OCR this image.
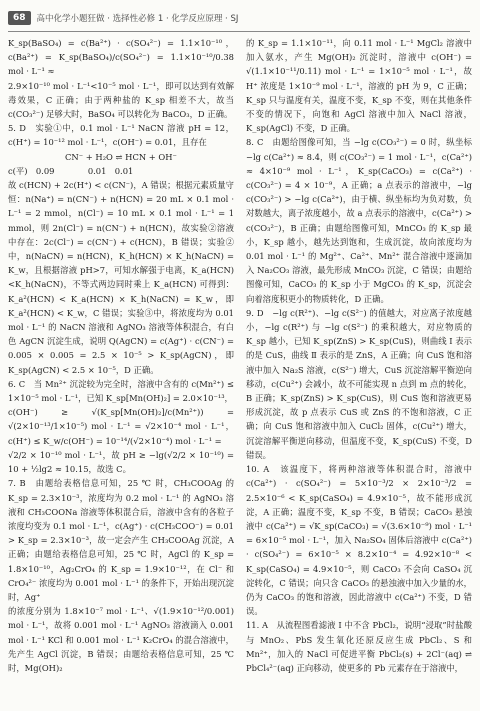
68	高中化学小题狂做 · 选择性必修 1 · 化学反应原理 · SJ

K_sp(BaSO₄) = c(Ba²⁺) · c(SO₄²⁻) = 1.1×10⁻¹⁰，c(Ba²⁺) = K_sp(BaSO₄)/c(SO₄²⁻) = 1.1×10⁻¹⁰/0.38 mol · L⁻¹ ≈

2.9×10⁻¹⁰ mol · L⁻¹<10⁻⁵ mol · L⁻¹，即可以达到有效解毒效果，C 正确；由于两种盐的 K_sp 相差不大，故当 c(CO₃²⁻) 足够大时，BaSO₄ 可以转化为 BaCO₃，D 正确。

5. D　实验①中，0.1 mol · L⁻¹ NaCN 溶液 pH = 12，c(H⁺) = 10⁻¹² mol · L⁻¹，c(OH⁻) = 0.01，且存在

CN⁻ + H₂O ⇌ HCN + OH⁻

c(平)　0.09　　　　0.01　0.01

故 c(HCN) + 2c(H⁺) < c(CN⁻)，A 错误；根据元素质量守恒：n(Na⁺) = n(CN⁻) + n(HCN) = 20 mL × 0.1 mol · L⁻¹ = 2 mmol，n(Cl⁻) = 10 mL × 0.1 mol · L⁻¹ = 1 mmol，则 2n(Cl⁻) = n(CN⁻) + n(HCN)，故实验②溶液中存在：2c(Cl⁻) = c(CN⁻) + c(HCN)，B 错误；实验②中，n(NaCN) = n(HCN)，K_h(HCN) × K_h(NaCN) = K_w，且根据溶液 pH>7，可知水解强于电离，K_a(HCN)<K_h(NaCN)，不等式两边同时乘上 K_a(HCN) 可得到：K_a²(HCN) < K_a(HCN) × K_h(NaCN) = K_w，即 K_a²(HCN) < K_w，C 错误；实验③中，将浓度均为 0.01 mol · L⁻¹ 的 NaCN 溶液和 AgNO₃ 溶液等体积混合，有白色 AgCN 沉淀生成，说明 Q(AgCN) = c(Ag⁺) · c(CN⁻) = 0.005 × 0.005 = 2.5 × 10⁻⁵ > K_sp(AgCN)，即 K_sp(AgCN) < 2.5 × 10⁻⁵，D 正确。

6. C　当 Mn²⁺ 沉淀较为完全时，溶液中含有的 c(Mn²⁺) ≤ 1×10⁻⁵ mol · L⁻¹，已知 K_sp[Mn(OH)₂] = 2.0×10⁻¹³，

c(OH⁻) ≥ √(K_sp[Mn(OH)₂]/c(Mn²⁺)) = √(2×10⁻¹³/1×10⁻⁵) mol · L⁻¹ = √2×10⁻⁴ mol · L⁻¹，c(H⁺) ≤ K_w/c(OH⁻) = 10⁻¹⁴/(√2×10⁻⁴) mol · L⁻¹ =

√2/2 × 10⁻¹⁰ mol · L⁻¹，故 pH ≥ −lg(√2/2 × 10⁻¹⁰) = 10 + ½lg2 ≈ 10.15，故选 C。

7. B　由题给表格信息可知，25 ℃ 时，CH₃COOAg 的 K_sp = 2.3×10⁻³，浓度均为 0.2 mol · L⁻¹ 的 AgNO₃ 溶液和 CH₃COONa 溶液等体积混合后，溶液中含有的各粒子浓度均变为 0.1 mol · L⁻¹，c(Ag⁺) · c(CH₃COO⁻) = 0.01 > K_sp = 2.3×10⁻³，故一定会产生 CH₃COOAg 沉淀，A 正确；由题给表格信息可知，25 ℃ 时，AgCl 的 K_sp = 1.8×10⁻¹⁰，Ag₂CrO₄ 的 K_sp = 1.9×10⁻¹²，在 Cl⁻ 和 CrO₄²⁻ 浓度均为 0.001 mol · L⁻¹ 的条件下，开始出现沉淀时，Ag⁺

的浓度分别为 1.8×10⁻⁷ mol · L⁻¹、√(1.9×10⁻¹²/0.001) mol · L⁻¹，故将 0.001 mol · L⁻¹ AgNO₃ 溶液滴入 0.001 mol · L⁻¹ KCl 和 0.001 mol · L⁻¹ K₂CrO₄ 的混合溶液中，先产生 AgCl 沉淀，B 错误；由题给表格信息可知，25 ℃ 时，Mg(OH)₂

的 K_sp = 1.1×10⁻¹¹，向 0.11 mol · L⁻¹ MgCl₂ 溶液中加入氨水，产生 Mg(OH)₂ 沉淀时，溶液中 c(OH⁻) = √(1.1×10⁻¹¹/0.11) mol · L⁻¹ = 1×10⁻⁵ mol · L⁻¹，故 H⁺ 浓度是 1×10⁻⁹ mol · L⁻¹，溶液的 pH 为 9，C 正确；K_sp 只与温度有关，温度不变，K_sp 不变，则在其他条件不变的情况下，向饱和 AgCl 溶液中加入 NaCl 溶液，K_sp(AgCl) 不变，D 正确。

8. C　由题给图像可知，当 −lg c(CO₃²⁻) = 0 时，纵坐标 −lg c(Ca²⁺) ≈ 8.4，则 c(CO₃²⁻) = 1 mol · L⁻¹，c(Ca²⁺) ≈ 4×10⁻⁹ mol · L⁻¹，K_sp(CaCO₃) = c(Ca²⁺) · c(CO₃²⁻) = 4 × 10⁻⁹，A 正确；a 点表示的溶液中，−lg c(CO₃²⁻) > −lg c(Ca²⁺)，由于横、纵坐标均为负对数，负对数越大，离子浓度越小，故 a 点表示的溶液中，c(Ca²⁺) > c(CO₃²⁻)，B 正确；由题给图像可知，MnCO₃ 的 K_sp 最小，K_sp 越小，越先达到饱和，生成沉淀，故向浓度均为 0.01 mol · L⁻¹ 的 Mg²⁺、Ca²⁺、Mn²⁺ 混合溶液中逐滴加入 Na₂CO₃ 溶液，最先形成 MnCO₃ 沉淀，C 错误；由题给图像可知，CaCO₃ 的 K_sp 小于 MgCO₃ 的 K_sp，沉淀会向着溶度积更小的物质转化，D 正确。

9. D　−lg c(R²⁺)、−lg c(S²⁻) 的值越大，对应离子浓度越小，−lg c(R²⁺) 与 −lg c(S²⁻) 的乘积越大，对应物质的 K_sp 越小，已知 K_sp(ZnS) > K_sp(CuS)，则曲线 Ⅰ 表示的是 CuS，曲线 Ⅱ 表示的是 ZnS，A 正确；向 CuS 饱和溶液中加入 Na₂S 溶液，c(S²⁻) 增大，CuS 沉淀溶解平衡逆向移动，c(Cu²⁺) 会减小，故不可能实现 n 点到 m 点的转化，B 正确；K_sp(ZnS) > K_sp(CuS)，则 CuS 饱和溶液更易形成沉淀，故 p 点表示 CuS 或 ZnS 的不饱和溶液，C 正确；向 CuS 饱和溶液中加入 CuCl₂ 固体，c(Cu²⁺) 增大，沉淀溶解平衡逆向移动，但温度不变，K_sp(CuS) 不变，D 错误。

10. A　该温度下，将两种溶液等体积混合时，溶液中 c(Ca²⁺) · c(SO₄²⁻) = 5×10⁻³/2 × 2×10⁻³/2 = 2.5×10⁻⁶ < K_sp(CaSO₄) = 4.9×10⁻⁵，故不能形成沉淀，A 正确；温度不变，K_sp 不变，B 错误；CaCO₃ 悬浊液中 c(Ca²⁺) = √K_sp(CaCO₃) = √(3.6×10⁻⁹) mol · L⁻¹ = 6×10⁻⁵ mol · L⁻¹，加入 Na₂SO₄ 固体后溶液中 c(Ca²⁺) · c(SO₄²⁻) = 6×10⁻⁵ × 8.2×10⁻⁴ = 4.92×10⁻⁸ < K_sp(CaSO₄) = 4.9×10⁻⁵，则 CaCO₃ 不会向 CaSO₄ 沉淀转化，C 错误；向只含 CaCO₃ 的悬浊液中加入少量的水，仍为 CaCO₃ 的饱和溶液，因此溶液中 c(Ca²⁺) 不变，D 错误。

11. A　从流程图看滤液 Ⅰ 中不含 PbCl₂，说明“浸取”时盐酸与 MnO₂、PbS 发生氧化还原反应生成 PbCl₂、S 和 Mn²⁺，加入的 NaCl 可促进平衡 PbCl₂(s) + 2Cl⁻(aq) ⇌ PbCl₄²⁻(aq) 正向移动，使更多的 Pb 元素存在于溶液中，
